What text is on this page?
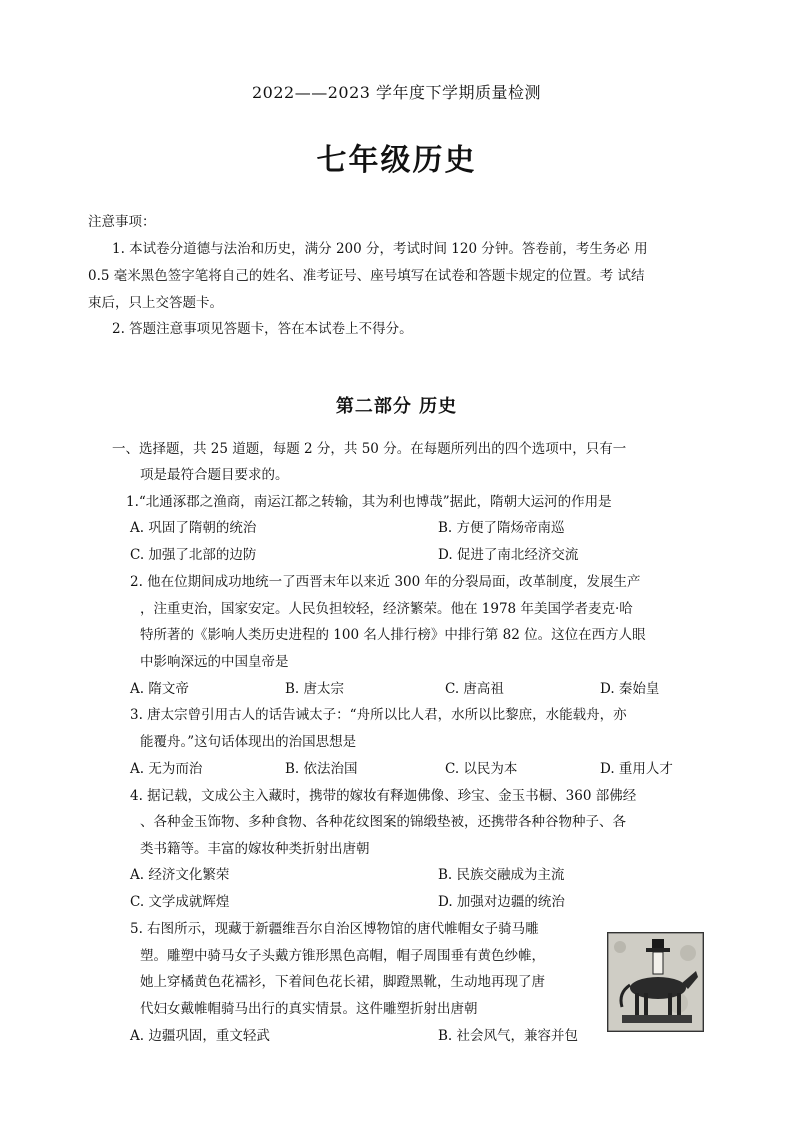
2022——2023 学年度下学期质量检测
七年级历史
注意事项：
1. 本试卷分道德与法治和历史，满分 200 分，考试时间 120 分钟。答卷前，考生务必 用
0.5 毫米黑色签字笔将自己的姓名、准考证号、座号填写在试卷和答题卡规定的位置。考 试结
束后，只上交答题卡。
2. 答题注意事项见答题卡，答在本试卷上不得分。
第二部分 历史
一、选择题，共 25 道题，每题 2 分，共 50 分。在每题所列出的四个选项中，只有一
项是最符合题目要求的。
1.“北通涿郡之渔商，南运江都之转输，其为利也博哉”据此，隋朝大运河的作用是
A. 巩固了隋朝的统治	B. 方便了隋炀帝南巡
C. 加强了北部的边防	D. 促进了南北经济交流
2. 他在位期间成功地统一了西晋末年以来近 300 年的分裂局面，改革制度，发展生产
，注重吏治，国家安定。人民负担较轻，经济繁荣。他在 1978 年美国学者麦克·哈
特所著的《影响人类历史进程的 100 名人排行榜》中排行第 82 位。这位在西方人眼
中影响深远的中国皇帝是
A. 隋文帝	B. 唐太宗	C. 唐高祖	D. 秦始皇
3. 唐太宗曾引用古人的话告诫太子：“舟所以比人君，水所以比黎庶，水能载舟，亦
能覆舟。”这句话体现出的治国思想是
A. 无为而治	B. 依法治国	C. 以民为本	D. 重用人才
4. 据记载，文成公主入藏时，携带的嫁妆有释迦佛像、珍宝、金玉书橱、360 部佛经
、各种金玉饰物、多种食物、各种花纹图案的锦缎垫被，还携带各种谷物种子、各
类书籍等。丰富的嫁妆种类折射出唐朝
A. 经济文化繁荣	B. 民族交融成为主流
C. 文学成就辉煌	D. 加强对边疆的统治
5. 右图所示，现藏于新疆维吾尔自治区博物馆的唐代帷帽女子骑马雕
塑。雕塑中骑马女子头戴方锥形黑色高帽，帽子周围垂有黄色纱帷，
她上穿橘黄色花襦衫，下着间色花长裙，脚蹬黑靴，生动地再现了唐
代妇女戴帷帽骑马出行的真实情景。这件雕塑折射出唐朝
A. 边疆巩固，重文轻武	B. 社会风气，兼容并包
